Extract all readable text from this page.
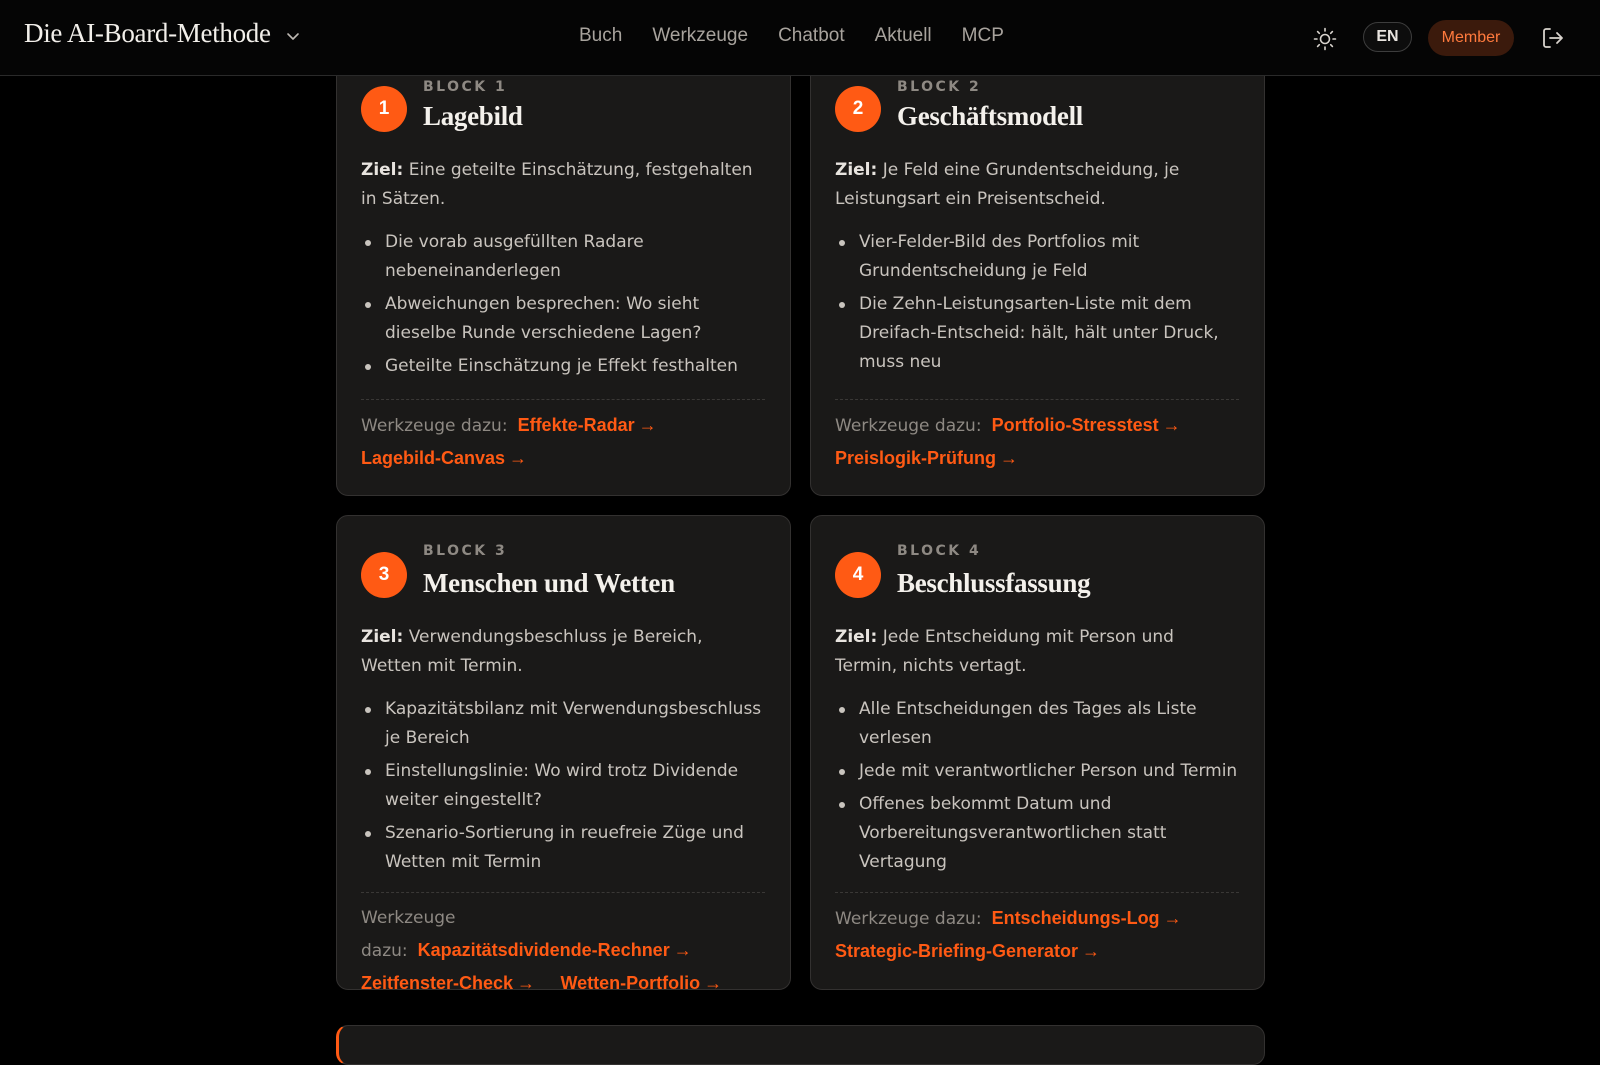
Die AI-Board-Methode	Buch Werkzeuge Chatbot Aktuell MCP	EN	Member
1
BLOCK 1
Lagebild

Ziel: Eine geteilte Einschätzung, festgehalten in Sätzen.

Die vorab ausgefüllten Radare nebeneinanderlegen
Abweichungen besprechen: Wo sieht dieselbe Runde verschiedene Lagen?
Geteilte Einschätzung je Effekt festhalten
Werkzeuge dazu: Effekte-Radar → Lagebild-Canvas →
2
BLOCK 2
Geschäftsmodell

Ziel: Je Feld eine Grundentscheidung, je Leistungsart ein Preisentscheid.

Vier-Felder-Bild des Portfolios mit Grundentscheidung je Feld
Die Zehn-Leistungsarten-Liste mit dem Dreifach-Entscheid: hält, hält unter Druck, muss neu
Werkzeuge dazu: Portfolio-Stresstest → Preislogik-Prüfung →
3
BLOCK 3
Menschen und Wetten

Ziel: Verwendungsbeschluss je Bereich, Wetten mit Termin.

Kapazitätsbilanz mit Verwendungsbeschluss je Bereich
Einstellungslinie: Wo wird trotz Dividende weiter eingestellt?
Szenario-Sortierung in reuefreie Züge und Wetten mit Termin
Werkzeuge dazu: Kapazitätsdividende-Rechner → Zeitfenster-Check → Wetten-Portfolio →
4
BLOCK 4
Beschlussfassung

Ziel: Jede Entscheidung mit Person und Termin, nichts vertagt.

Alle Entscheidungen des Tages als Liste verlesen
Jede mit verantwortlicher Person und Termin
Offenes bekommt Datum und Vorbereitungsverantwortlichen statt Vertagung
Werkzeuge dazu: Entscheidungs-Log → Strategic-Briefing-Generator →
